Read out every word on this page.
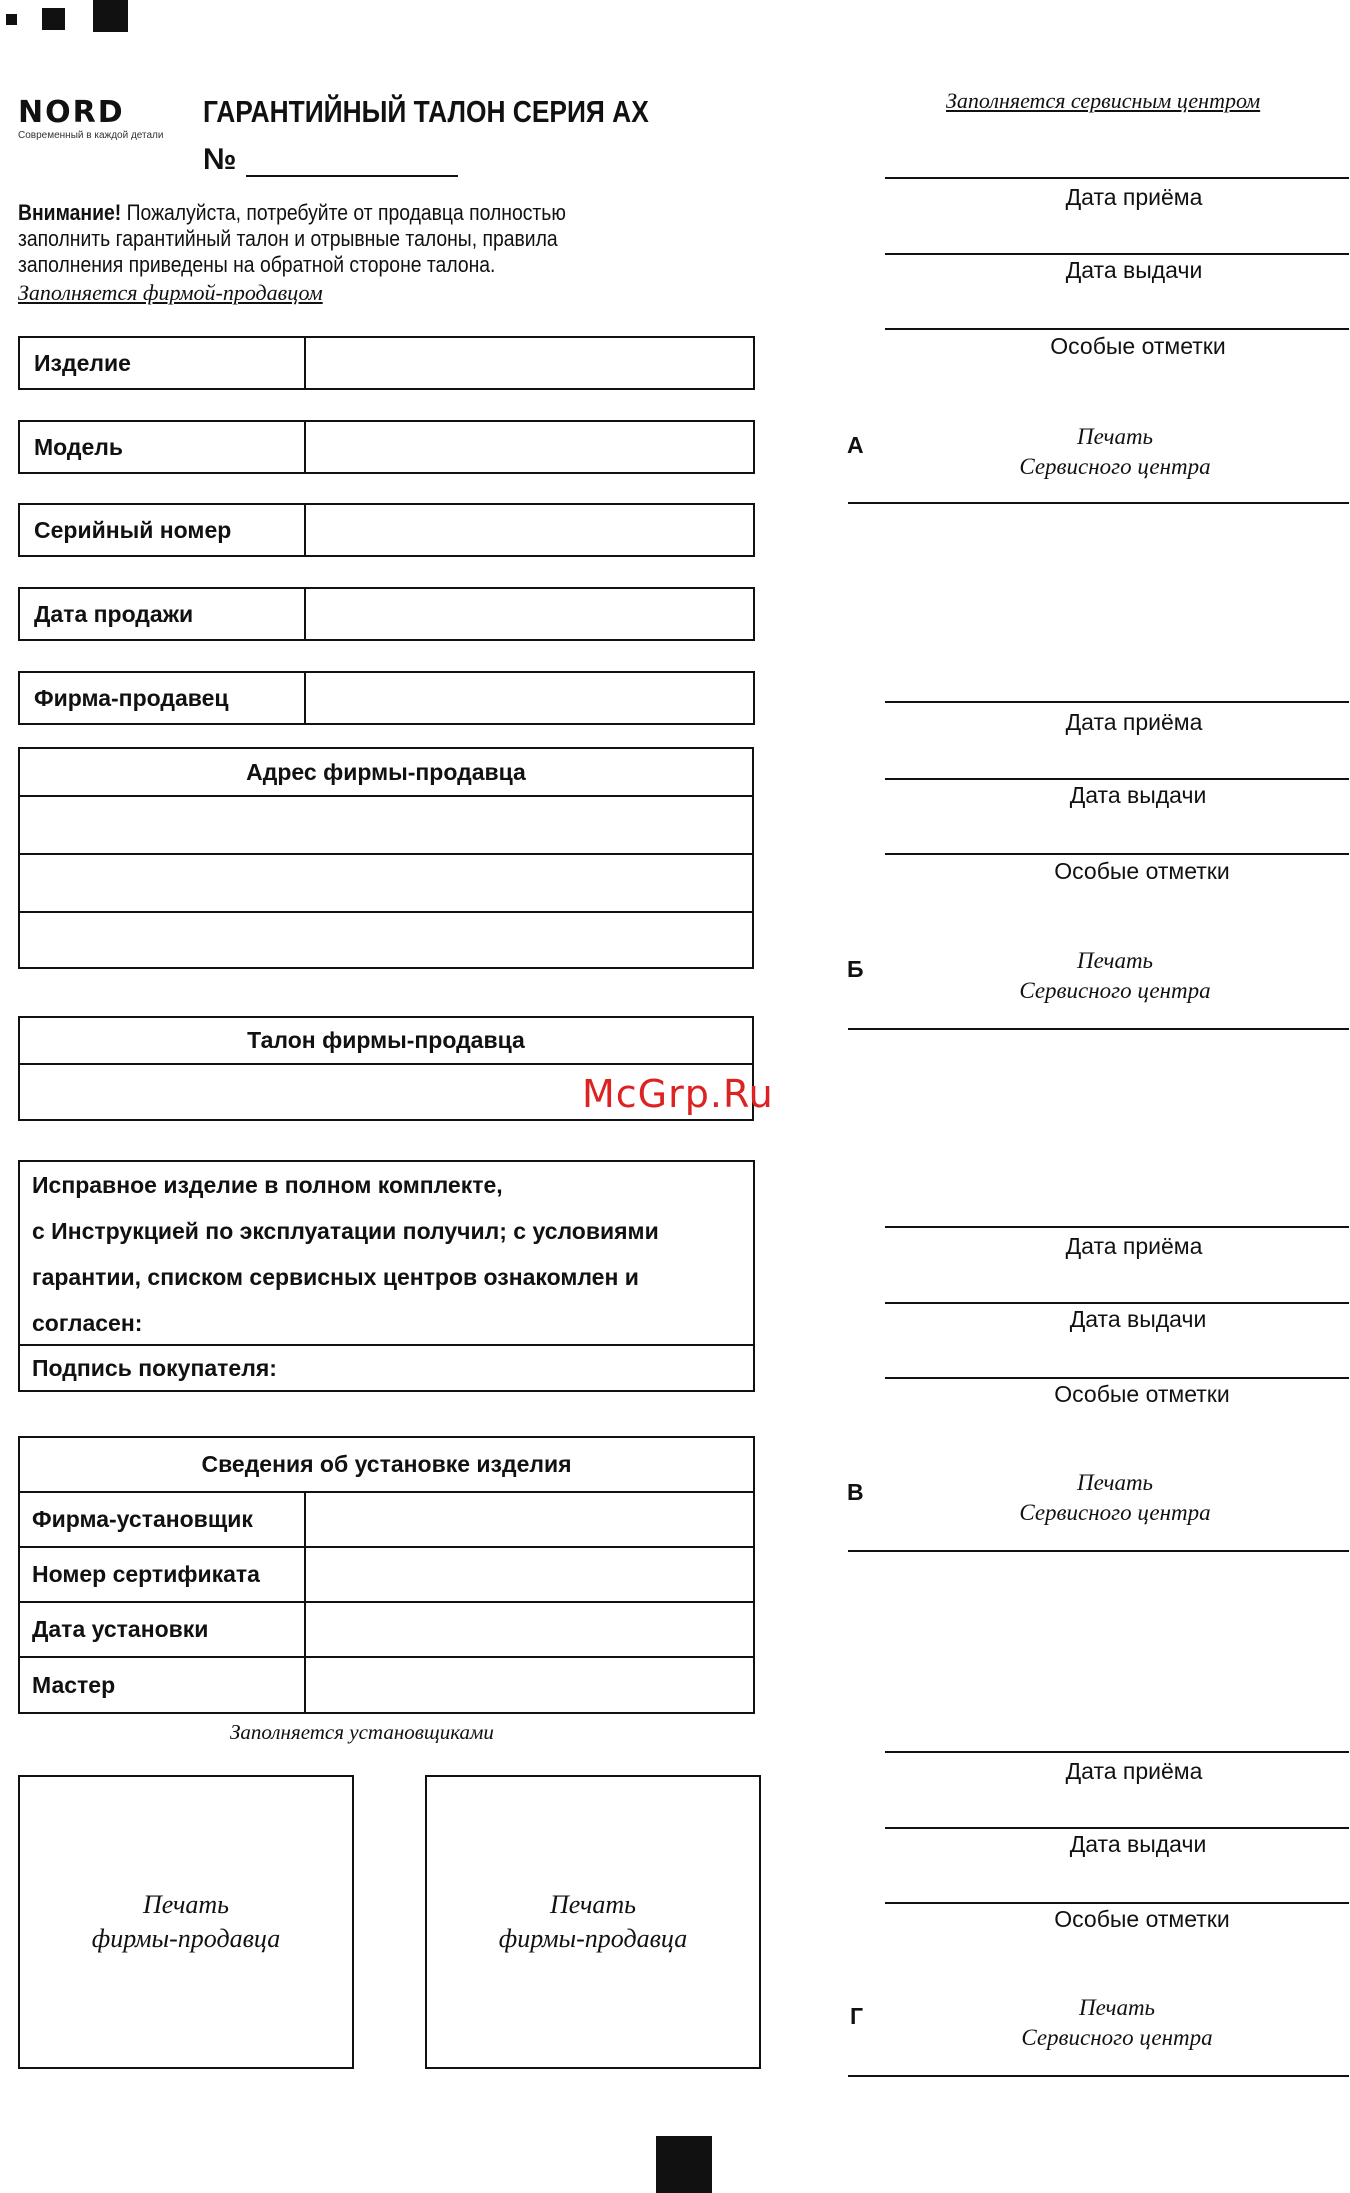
NORD
Современный в каждой детали
ГАРАНТИЙНЫЙ ТАЛОН СЕРИЯ АХ
№
Внимание! Пожалуйста, потребуйте от продавца полностью заполнить гарантийный талон и отрывные талоны, правила заполнения приведены на обратной стороне талона.
Заполняется фирмой-продавцом
Изделие
Модель
Серийный номер
Дата продажи
Фирма-продавец
Адрес фирмы-продавца
Талон фирмы-продавца
McGrp.Ru
Исправное изделие в полном комплекте,
с Инструкцией по эксплуатации получил; с условиями
гарантии, списком сервисных центров ознакомлен и
согласен:
Подпись покупателя:
Сведения об установке изделия
Фирма-установщик
Номер сертификата
Дата установки
Мастер
Заполняется установщиками
Печать
фирмы-продавца
Печать
фирмы-продавца
Заполняется сервисным центром
Дата приёма
Дата выдачи
Особые отметки
А	Печать
Сервисного центра
Дата приёма
Дата выдачи
Особые отметки
Б	Печать
Сервисного центра
Дата приёма
Дата выдачи
Особые отметки
В	Печать
Сервисного центра
Дата приёма
Дата выдачи
Особые отметки
Г	Печать
Сервисного центра
